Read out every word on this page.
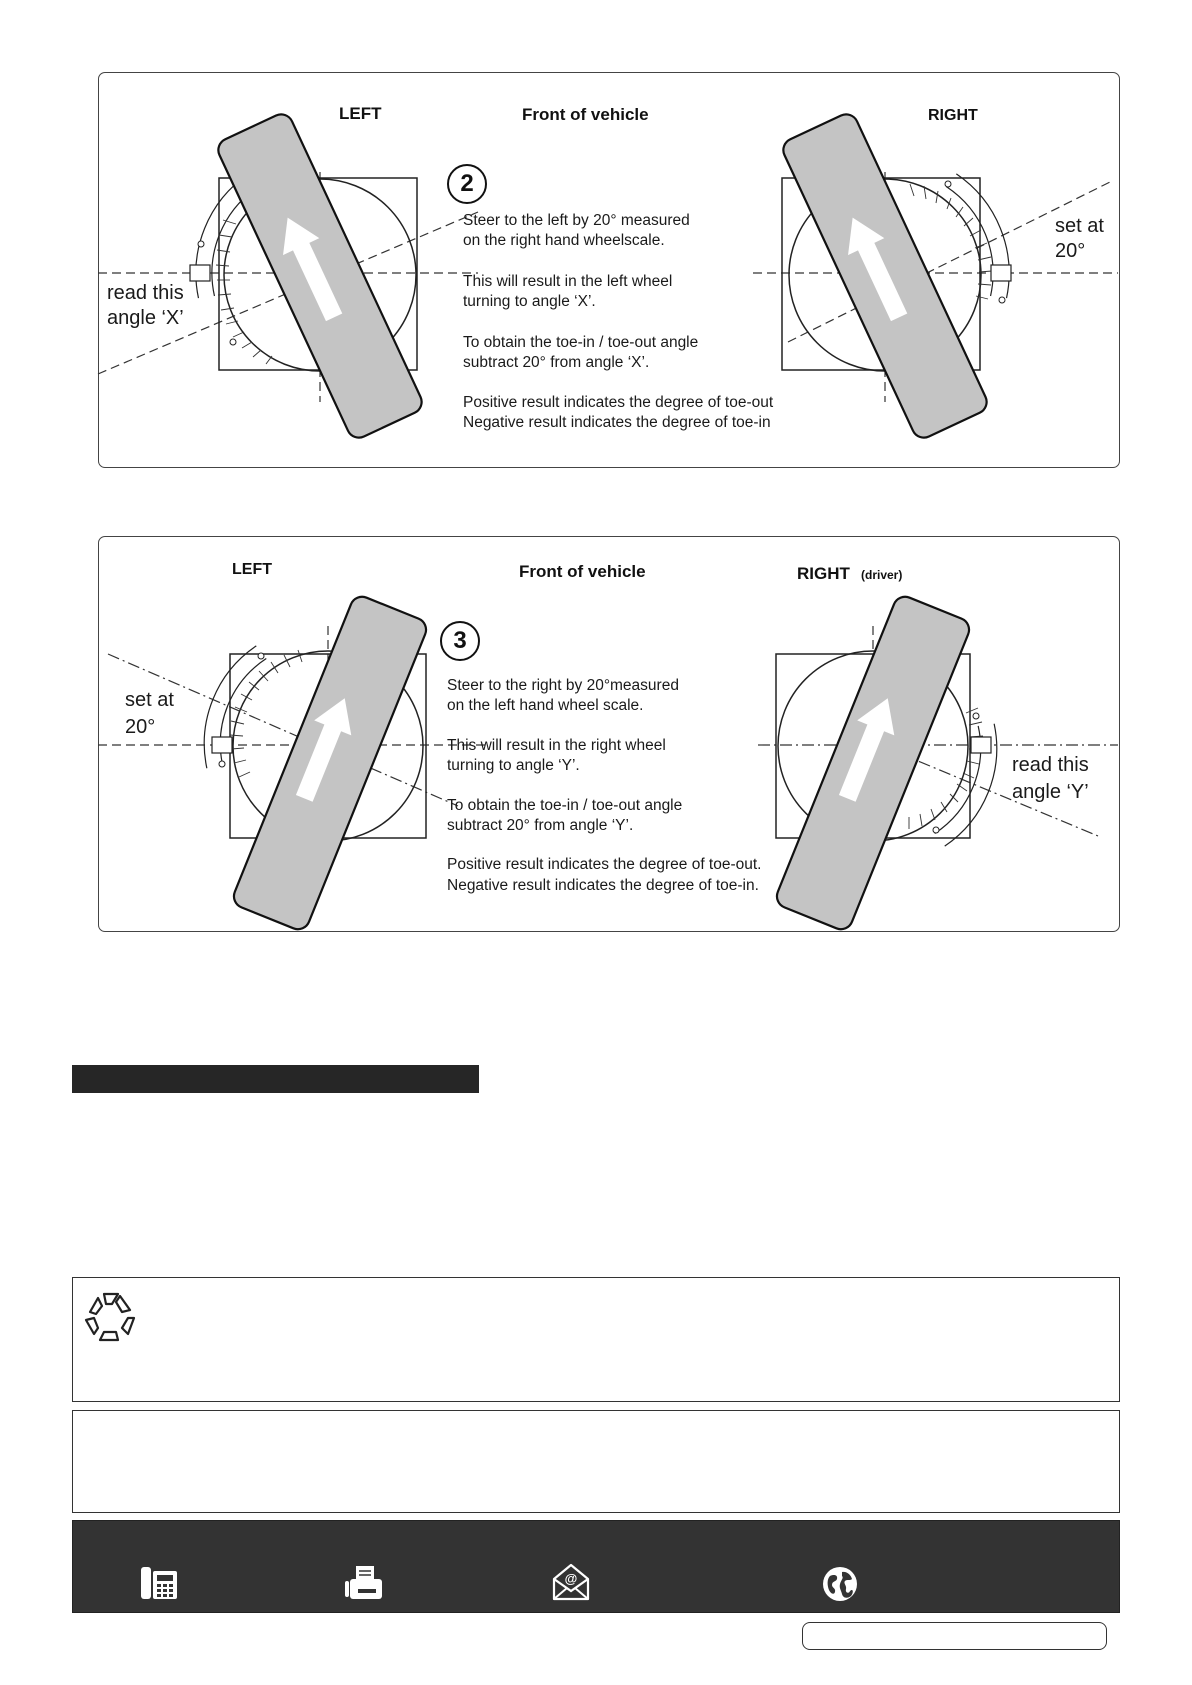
LEFT	Front of vehicle	RIGHT
2
Steer to the left by 20° measured
on the right hand wheelscale.
This will result in the left wheel
turning to angle ‘X’.
To obtain the toe-in / toe-out angle
subtract 20° from angle ‘X’.
Positive result indicates the degree of toe-out
Negative result indicates the degree of toe-in
read this
angle ‘X’
set at
20°
LEFT	Front of vehicle	RIGHT (driver)
3
Steer to the right by 20°measured
on the left hand wheel scale.
This will result in the right wheel
turning to angle ‘Y’.
To obtain the toe-in / toe-out angle
subtract 20° from angle ‘Y’.
Positive result indicates the degree of toe-out.
Negative result indicates the degree of toe-in.
set at
20°
read this
angle ‘Y’
@
